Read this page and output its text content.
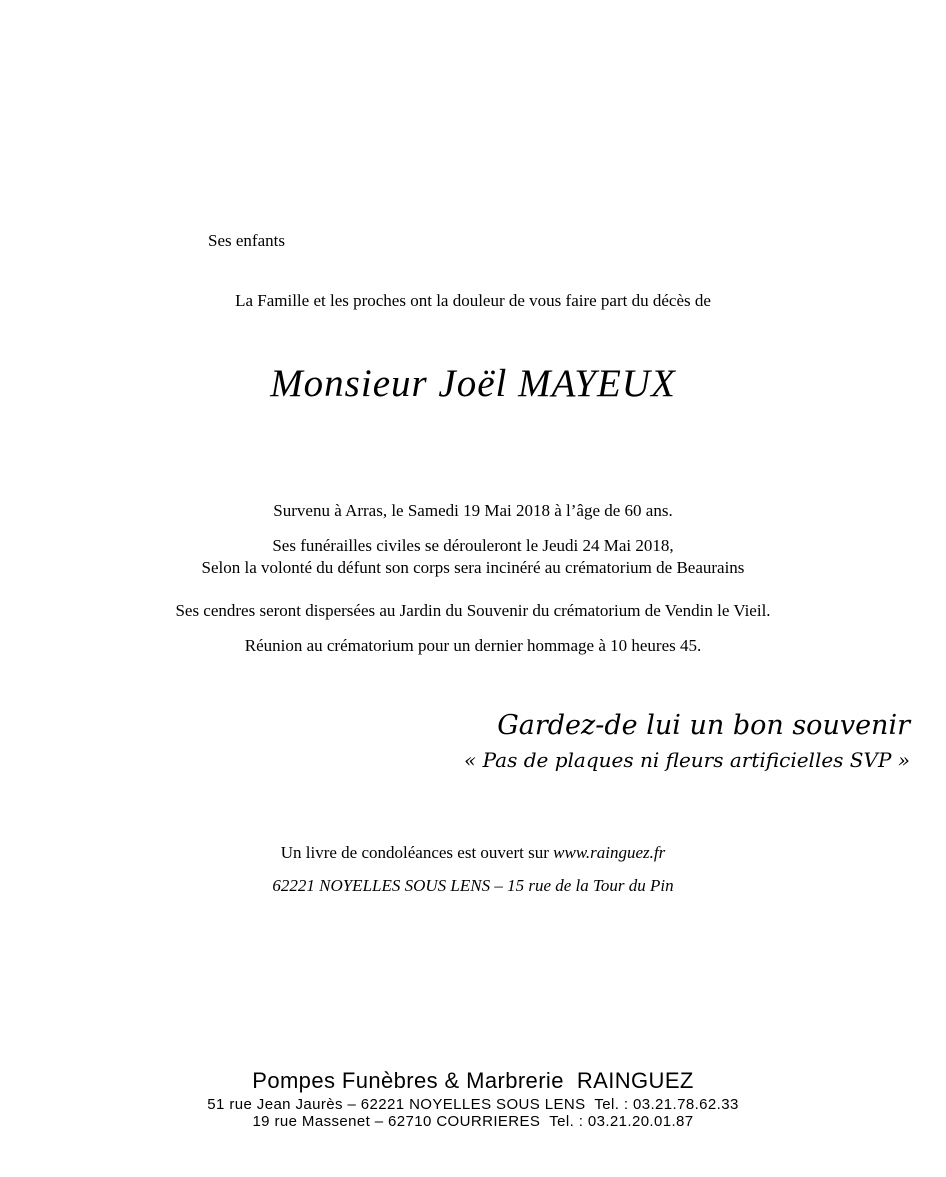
Ses enfants
La Famille et les proches ont la douleur de vous faire part du décès de
Monsieur Joël MAYEUX
Survenu à Arras, le Samedi 19 Mai 2018 à l’âge de 60 ans.
Ses funérailles civiles se dérouleront le Jeudi 24 Mai 2018,
Selon la volonté du défunt son corps sera incinéré au crématorium de Beaurains
Ses cendres seront dispersées au Jardin du Souvenir du crématorium de Vendin le Vieil.
Réunion au crématorium pour un dernier hommage à 10 heures 45.
Gardez-de lui un bon souvenir
« Pas de plaques ni fleurs artificielles SVP »
Un livre de condoléances est ouvert sur www.rainguez.fr
62221 NOYELLES SOUS LENS – 15 rue de la Tour du Pin
Pompes Funèbres & Marbrerie  RAINGUEZ
51 rue Jean Jaurès – 62221 NOYELLES SOUS LENS  Tel. : 03.21.78.62.33
19 rue Massenet – 62710 COURRIERES  Tel. : 03.21.20.01.87
